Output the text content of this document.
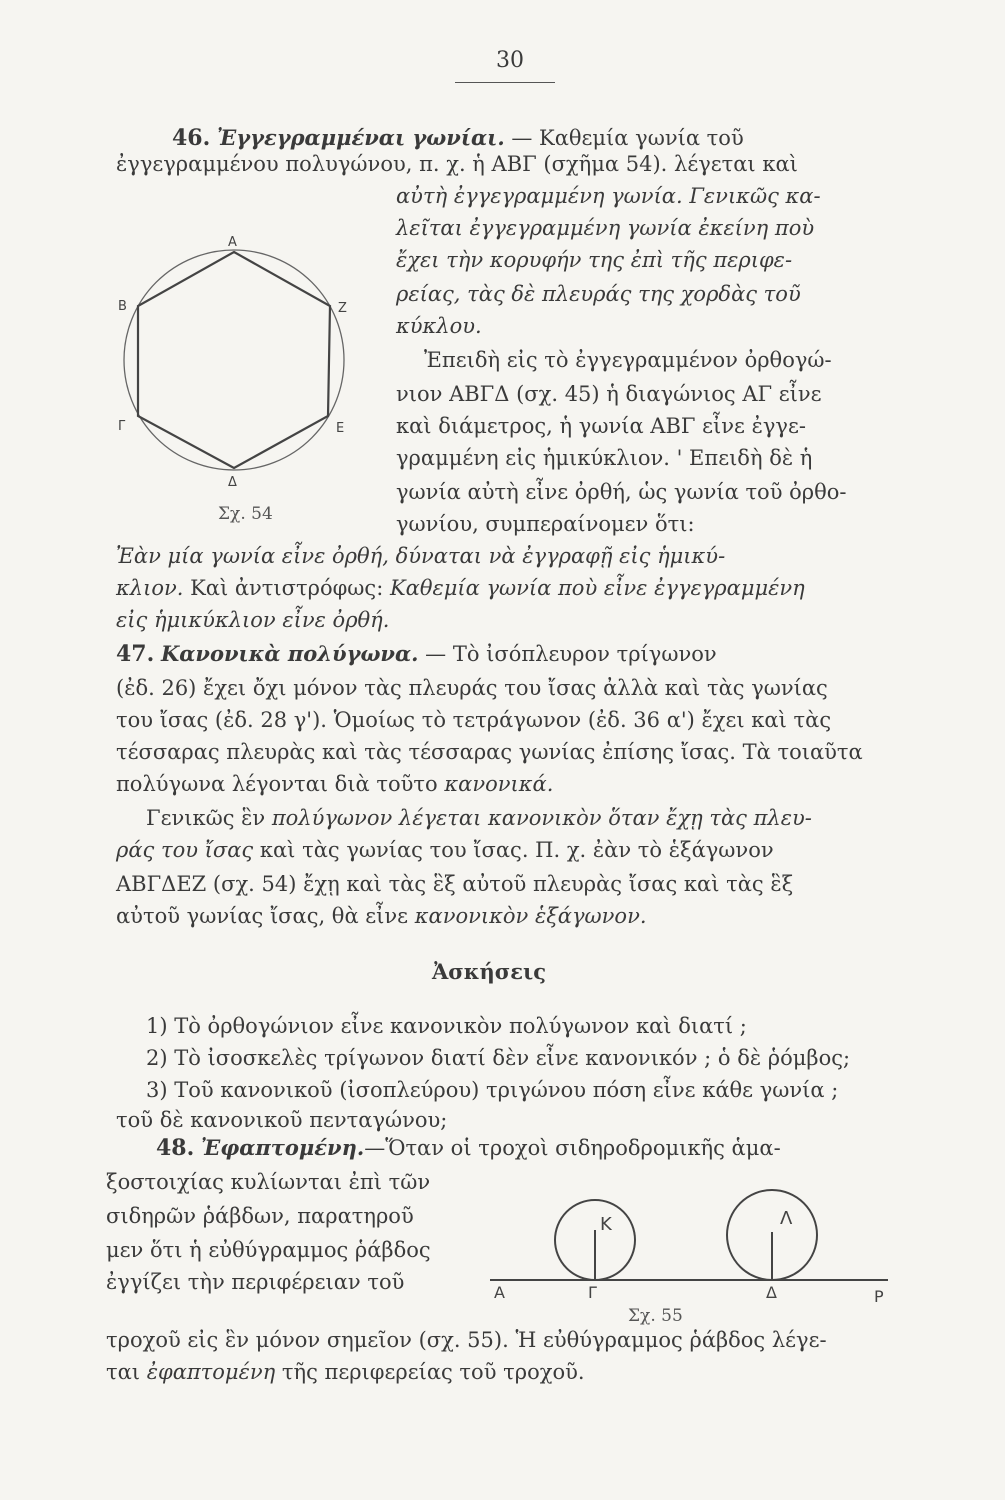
30
46. Ἐγγεγραμμέναι γωνίαι. — Καθεμία γωνία τοῦ
ἐγγεγραμμένου πολυγώνου, π. χ. ἡ ΑΒΓ (σχῆμα 54). λέγεται καὶ
αὐτὴ ἐγγεγραμμένη γωνία. Γενικῶς κα-
λεῖται ἐγγεγραμμένη γωνία ἐκείνη ποὺ
ἔχει τὴν κορυφήν της ἐπὶ τῆς περιφε-
ρείας, τὰς δὲ πλευράς της χορδὰς τοῦ
κύκλου.
Ἐπειδὴ εἰς τὸ ἐγγεγραμμένον ὀρθογώ-
νιον ΑΒΓΔ (σχ. 45) ἡ διαγώνιος ΑΓ εἶνε
καὶ διάμετρος, ἡ γωνία ΑΒΓ εἶνε ἐγγε-
γραμμένη εἰς ἡμικύκλιον. ' Επειδὴ δὲ ἡ
γωνία αὐτὴ εἶνε ὀρθή, ὡς γωνία τοῦ ὀρθο-
γωνίου, συμπεραίνομεν ὅτι:
Ἐὰν μία γωνία εἶνε ὀρθή, δύναται νὰ ἐγγραφῇ εἰς ἡμικύ-
κλιον. Καὶ ἀντιστρόφως: Καθεμία γωνία ποὺ εἶνε ἐγγεγραμμένη
εἰς ἡμικύκλιον εἶνε ὀρθή.
Α
Β	Ζ
Γ	Ε
Δ
Σχ. 54
47. Κανονικὰ πολύγωνα. — Τὸ ἰσόπλευρον τρίγωνον
(ἐδ. 26) ἔχει ὄχι μόνον τὰς πλευράς του ἴσας ἀλλὰ καὶ τὰς γωνίας
του ἴσας (ἐδ. 28 γ'). Ὁμοίως τὸ τετράγωνον (ἐδ. 36 α') ἔχει καὶ τὰς
τέσσαρας πλευρὰς καὶ τὰς τέσσαρας γωνίας ἐπίσης ἴσας. Τὰ τοιαῦτα
πολύγωνα λέγονται διὰ τοῦτο κανονικά.
Γενικῶς ἓν πολύγωνον λέγεται κανονικὸν ὅταν ἔχῃ τὰς πλευ-
ράς του ἴσας καὶ τὰς γωνίας του ἴσας. Π. χ. ἐὰν τὸ ἑξάγωνον
ΑΒΓΔΕΖ (σχ. 54) ἔχῃ καὶ τὰς ἓξ αὐτοῦ πλευρὰς ἴσας καὶ τὰς ἓξ
αὐτοῦ γωνίας ἴσας, θὰ εἶνε κανονικὸν ἑξάγωνον.
Ἀσκήσεις
1) Τὸ ὀρθογώνιον εἶνε κανονικὸν πολύγωνον καὶ διατί ;
2) Τὸ ἰσοσκελὲς τρίγωνον διατί δὲν εἶνε κανονικόν ; ὁ δὲ ῥόμβος;
3) Τοῦ κανονικοῦ (ἰσοπλεύρου) τριγώνου πόση εἶνε κάθε γωνία ;
τοῦ δὲ κανονικοῦ πενταγώνου;
48. Ἐφαπτομένη.—Ὅταν οἱ τροχοὶ σιδηροδρομικῆς ἁμα-
ξοστοιχίας κυλίωνται ἐπὶ τῶν
σιδηρῶν ῥάβδων, παρατηροῦ
μεν ὅτι ἡ εὐθύγραμμος ῥάβδος
ἐγγίζει τὴν περιφέρειαν τοῦ
τροχοῦ εἰς ἓν μόνον σημεῖον (σχ. 55). Ἡ εὐθύγραμμος ῥάβδος λέγε-
ται ἐφαπτομένη τῆς περιφερείας τοῦ τροχοῦ.
Κ	Λ
Α	Γ	Δ	Ρ
Σχ. 55
